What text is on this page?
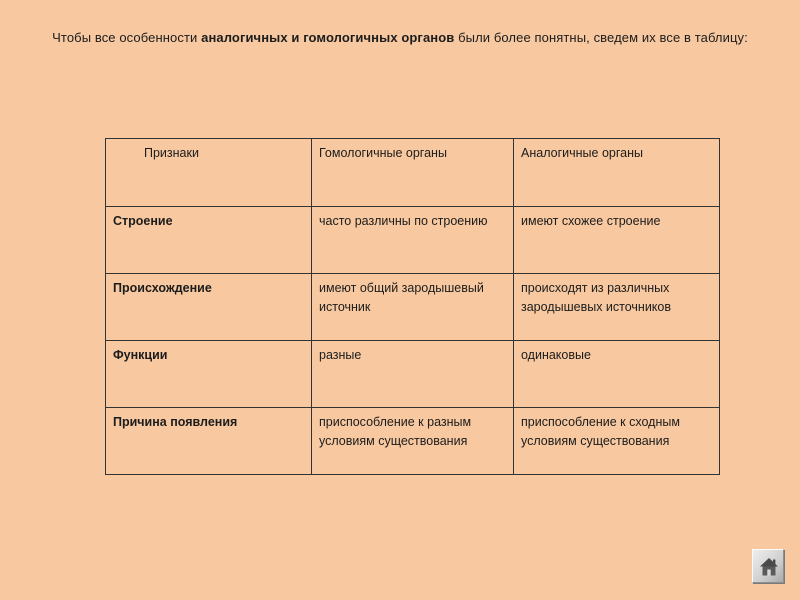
Чтобы все особенности аналогичных и гомологичных органов были более понятны, сведем их все в таблицу:
Признаки	Гомологичные органы	Аналогичные органы
Строение	часто различны по строению	имеют схожее строение
Происхождение	имеют общий зародышевый источник	происходят из различных зародышевых источников
Функции	разные	одинаковые
Причина появления	приспособление к разным условиям существования	приспособление к сходным условиям существования
